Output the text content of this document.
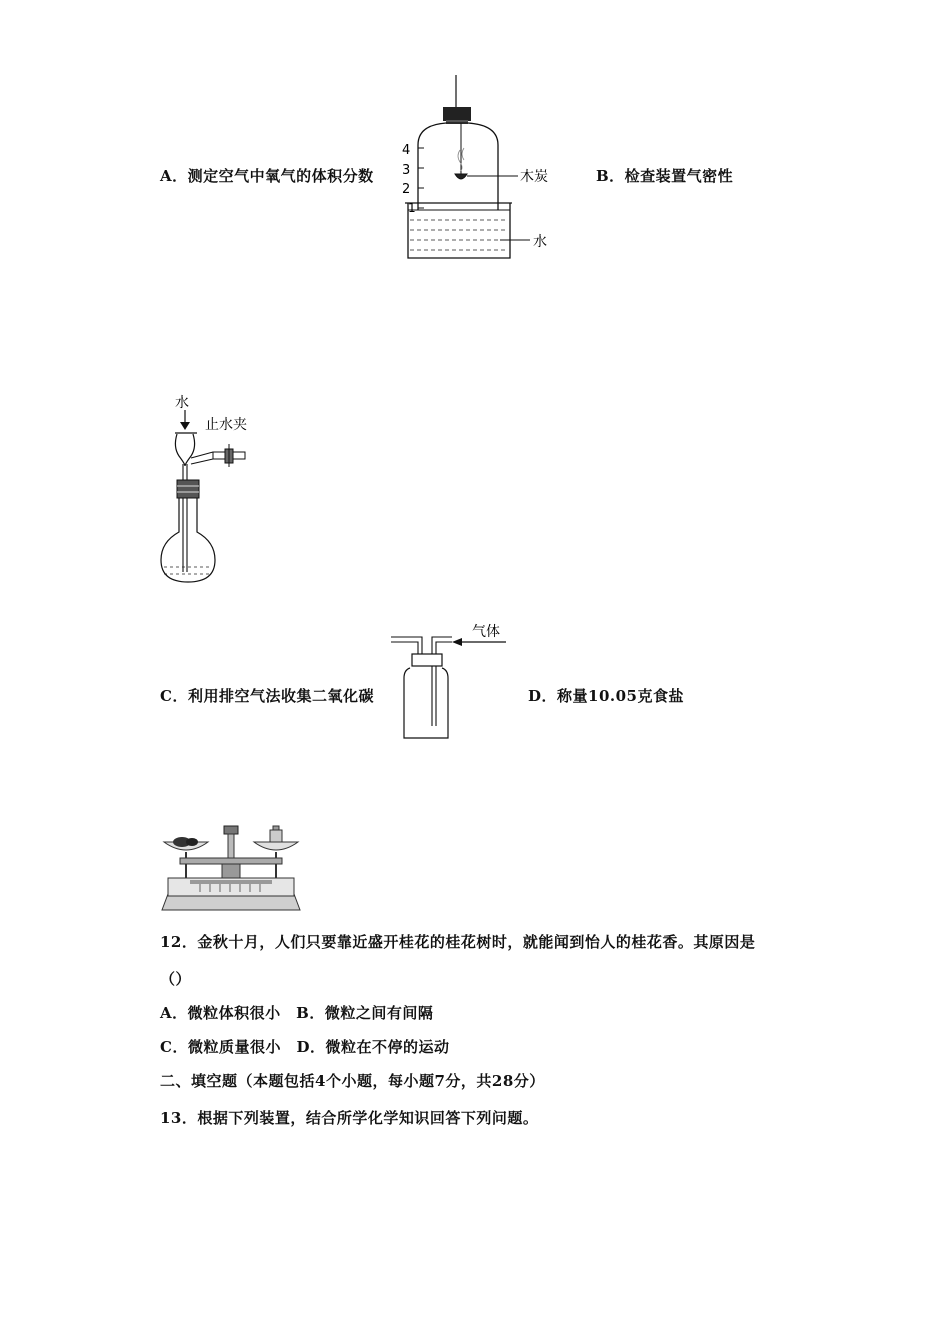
A．测定空气中氧气的体积分数	B．检查装置气密性
4
3
2
1
木炭
水
水
止水夹
气体
C．利用排空气法收集二氧化碳	D．称量10.05克食盐
12．金秋十月，人们只要靠近盛开桂花的桂花树时，就能闻到怡人的桂花香。其原因是
（）
A．微粒体积很小　B．微粒之间有间隔
C．微粒质量很小　D．微粒在不停的运动
二、填空题（本题包括4个小题，每小题7分，共28分）
13．根据下列装置，结合所学化学知识回答下列问题。
